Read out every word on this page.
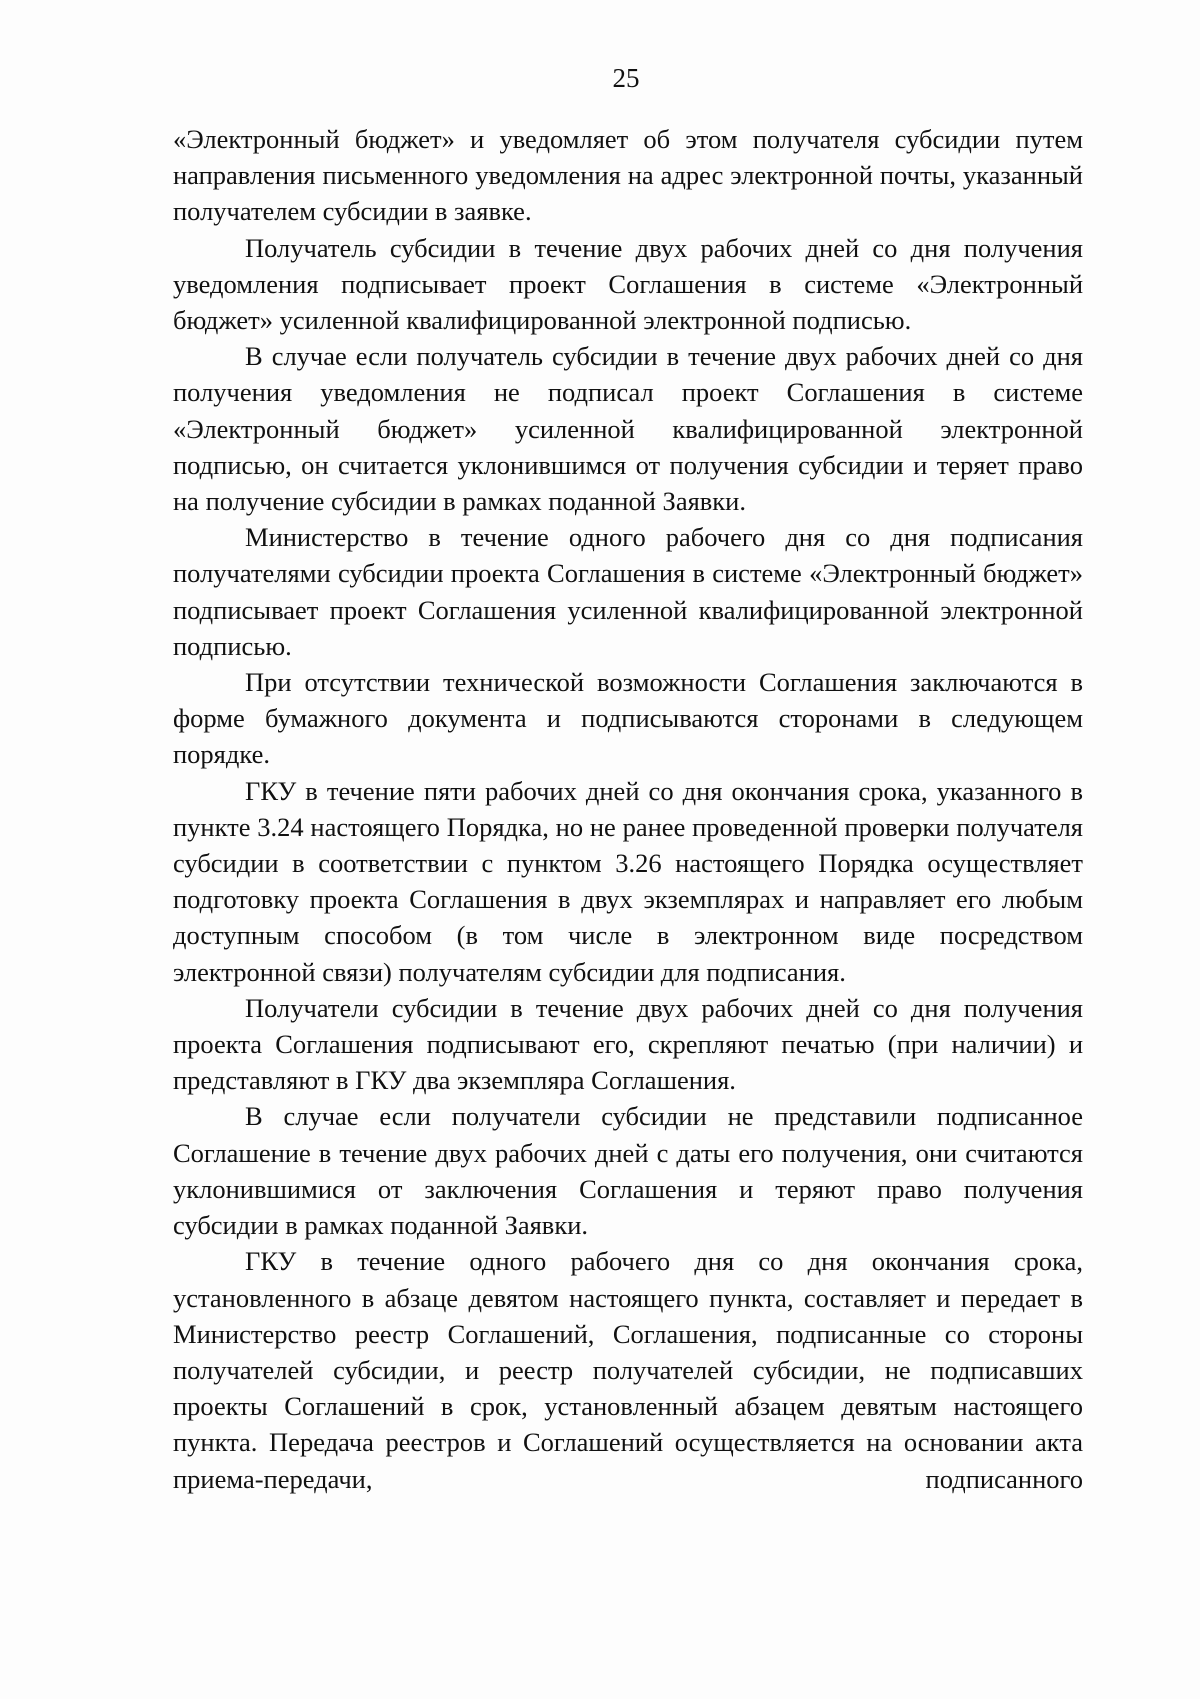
25

«Электронный бюджет» и уведомляет об этом получателя субсидии путем направления письменного уведомления на адрес электронной почты, указанный получателем субсидии в заявке.

Получатель субсидии в течение двух рабочих дней со дня получения уведомления подписывает проект Соглашения в системе «Электронный бюджет» усиленной квалифицированной электронной подписью.

В случае если получатель субсидии в течение двух рабочих дней со дня получения уведомления не подписал проект Соглашения в системе «Электронный бюджет» усиленной квалифицированной электронной подписью, он считается уклонившимся от получения субсидии и теряет право на получение субсидии в рамках поданной Заявки.

Министерство в течение одного рабочего дня со дня подписания получателями субсидии проекта Соглашения в системе «Электронный бюджет» подписывает проект Соглашения усиленной квалифицированной электронной подписью.

При отсутствии технической возможности Соглашения заключаются в форме бумажного документа и подписываются сторонами в следующем порядке.

ГКУ в течение пяти рабочих дней со дня окончания срока, указанного в пункте 3.24 настоящего Порядка, но не ранее проведенной проверки получателя субсидии в соответствии с пунктом 3.26 настоящего Порядка осуществляет подготовку проекта Соглашения в двух экземплярах и направляет его любым доступным способом (в том числе в электронном виде посредством электронной связи) получателям субсидии для подписания.

Получатели субсидии в течение двух рабочих дней со дня получения проекта Соглашения подписывают его, скрепляют печатью (при наличии) и представляют в ГКУ два экземпляра Соглашения.

В случае если получатели субсидии не представили подписанное Соглашение в течение двух рабочих дней с даты его получения, они считаются уклонившимися от заключения Соглашения и теряют право получения субсидии в рамках поданной Заявки.

ГКУ в течение одного рабочего дня со дня окончания срока, установленного в абзаце девятом настоящего пункта, составляет и передает в Министерство реестр Соглашений, Соглашения, подписанные со стороны получателей субсидии, и реестр получателей субсидии, не подписавших проекты Соглашений в срок, установленный абзацем девятым настоящего пункта. Передача реестров и Соглашений осуществляется на основании акта приема-передачи, подписанного
